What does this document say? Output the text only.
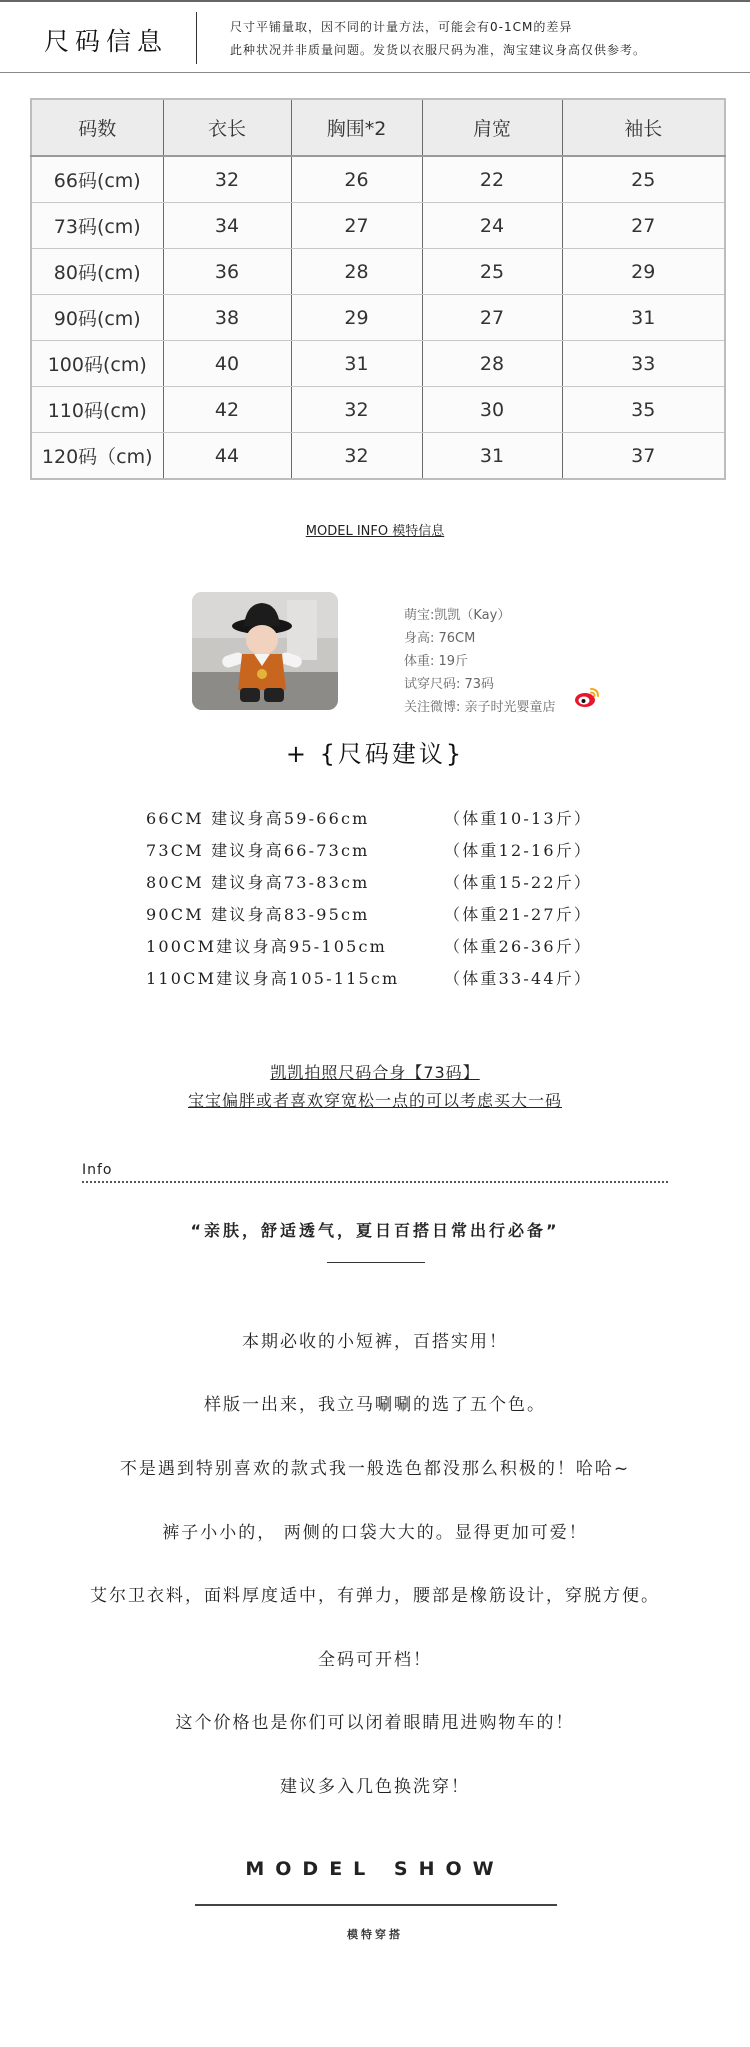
尺码信息	尺寸平铺量取，因不同的计量方法，可能会有0-1CM的差异
此种状况并非质量问题。发货以衣服尺码为准，淘宝建议身高仅供参考。
码数	衣长	胸围*2	肩宽	袖长
66码(cm)	32	26	22	25
73码(cm)	34	27	24	27
80码(cm)	36	28	25	29
90码(cm)	38	29	27	31
100码(cm)	40	31	28	33
110码(cm)	42	32	30	35
120码（cm)	44	32	31	37
MODEL INFO 模特信息
萌宝:凯凯（Kay）
身高: 76CM
体重: 19斤
试穿尺码: 73码
关注微博: 亲子时光婴童店
+ {尺码建议}
66CM 建议身高59-66cm	（体重10-13斤）
73CM 建议身高66-73cm	（体重12-16斤）
80CM 建议身高73-83cm	（体重15-22斤）
90CM 建议身高83-95cm	（体重21-27斤）
100CM建议身高95-105cm	（体重26-36斤）
110CM建议身高105-115cm	（体重33-44斤）
凯凯拍照尺码合身【73码】
宝宝偏胖或者喜欢穿宽松一点的可以考虑买大一码
Info
“亲肤，舒适透气，夏日百搭日常出行必备”
本期必收的小短裤，百搭实用！
样版一出来，我立马唰唰的选了五个色。
不是遇到特别喜欢的款式我一般选色都没那么积极的！哈哈~
裤子小小的， 两侧的口袋大大的。显得更加可爱！
艾尔卫衣料，面料厚度适中，有弹力，腰部是橡筋设计，穿脱方便。
全码可开档！
这个价格也是你们可以闭着眼睛甩进购物车的！
建议多入几色换洗穿！
MODEL SHOW
模特穿搭
